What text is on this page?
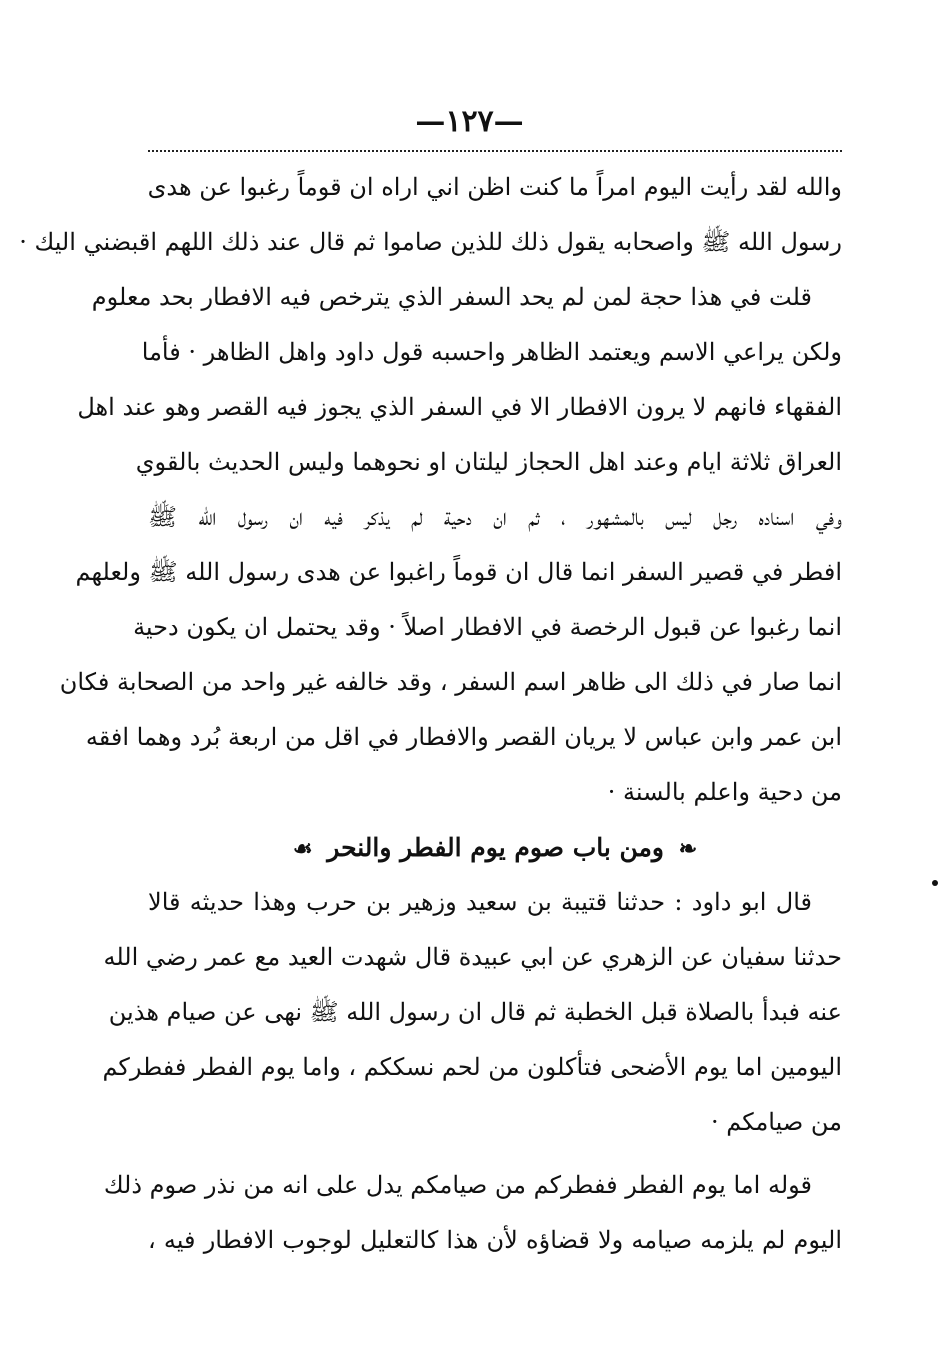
—١٢٧—
والله لقد رأيت اليوم امراً ما كنت اظن اني اراه ان قوماً رغبوا عن هدى
رسول الله ﷺ واصحابه يقول ذلك للذين صاموا ثم قال عند ذلك اللهم اقبضني اليك ·
قلت في هذا حجة لمن لم يحد السفر الذي يترخص فيه الافطار بحد معلوم
ولكن يراعي الاسم ويعتمد الظاهر واحسبه قول داود واهل الظاهر · فأما
الفقهاء فانهم لا يرون الافطار الا في السفر الذي يجوز فيه القصر وهو عند اهل
العراق ثلاثة ايام وعند اهل الحجاز ليلتان او نحوهما وليس الحديث بالقوي
وفي اسناده رجل ليس بالمشهور ، ثم ان دحية لم يذكر فيه ان رسول الله ﷺ
افطر في قصير السفر انما قال ان قوماً راغبوا عن هدى رسول الله ﷺ ولعلهم
انما رغبوا عن قبول الرخصة في الافطار اصلاً · وقد يحتمل ان يكون دحية
انما صار في ذلك الى ظاهر اسم السفر ، وقد خالفه غير واحد من الصحابة فكان
ابن عمر وابن عباس لا يريان القصر والافطار في اقل من اربعة بُرد وهما افقه
من دحية واعلم بالسنة ·
❧ ومن باب صوم يوم الفطر والنحر ☙
قال ابو داود : حدثنا قتيبة بن سعيد وزهير بن حرب وهذا حديثه قالا
حدثنا سفيان عن الزهري عن ابي عبيدة قال شهدت العيد مع عمر رضي الله
عنه فبدأ بالصلاة قبل الخطبة ثم قال ان رسول الله ﷺ نهى عن صيام هذين
اليومين اما يوم الأضحى فتأكلون من لحم نسككم ، واما يوم الفطر ففطركم
من صيامكم ·
قوله اما يوم الفطر ففطركم من صيامكم يدل على انه من نذر صوم ذلك
اليوم لم يلزمه صيامه ولا قضاؤه لأن هذا كالتعليل لوجوب الافطار فيه ،
